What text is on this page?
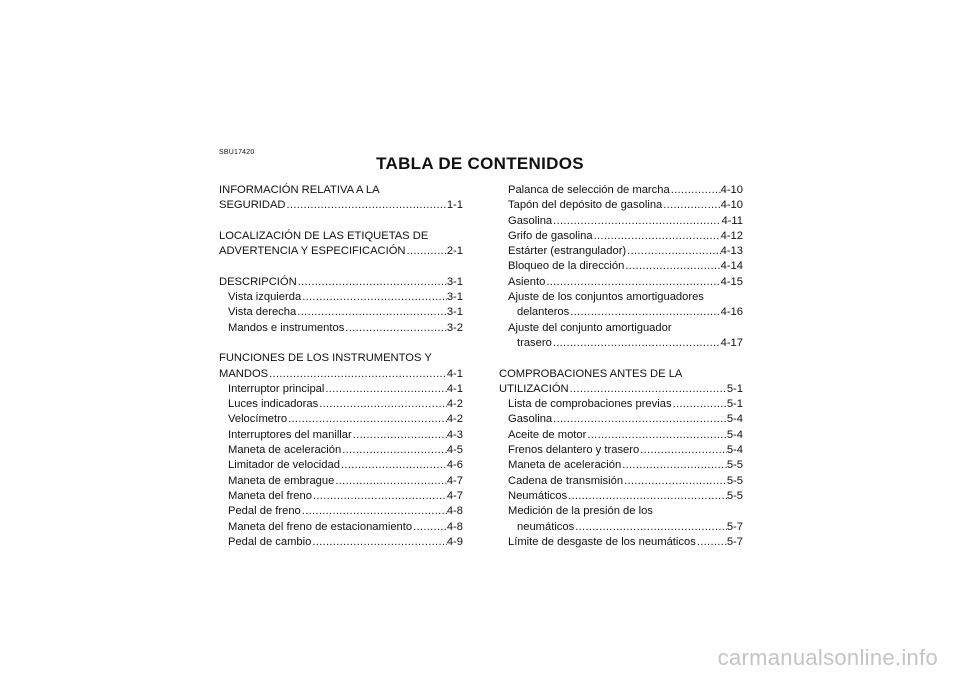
SBU17420
TABLA DE CONTENIDOS
INFORMACIÓN RELATIVA A LA
SEGURIDAD .....	1-1
LOCALIZACIÓN DE LAS ETIQUETAS DE
ADVERTENCIA Y ESPECIFICACIÓN .....	2-1
DESCRIPCIÓN .....	3-1
Vista izquierda .....	3-1
Vista derecha .....	3-1
Mandos e instrumentos .....	3-2
FUNCIONES DE LOS INSTRUMENTOS Y
MANDOS .....	4-1
Interruptor principal .....	4-1
Luces indicadoras .....	4-2
Velocímetro .....	4-2
Interruptores del manillar .....	4-3
Maneta de aceleración .....	4-5
Limitador de velocidad .....	4-6
Maneta de embrague .....	4-7
Maneta del freno .....	4-7
Pedal de freno .....	4-8
Maneta del freno de estacionamiento .....	4-8
Pedal de cambio .....	4-9
Palanca de selección de marcha .....	4-10
Tapón del depósito de gasolina .....	4-10
Gasolina .....	4-11
Grifo de gasolina .....	4-12
Estárter (estrangulador) .....	4-13
Bloqueo de la dirección .....	4-14
Asiento .....	4-15
Ajuste de los conjuntos amortiguadores
delanteros .....	4-16
Ajuste del conjunto amortiguador
trasero .....	4-17
COMPROBACIONES ANTES DE LA
UTILIZACIÓN .....	5-1
Lista de comprobaciones previas .....	5-1
Gasolina .....	5-4
Aceite de motor .....	5-4
Frenos delantero y trasero .....	5-4
Maneta de aceleración .....	5-5
Cadena de transmisión .....	5-5
Neumáticos .....	5-5
Medición de la presión de los
neumáticos .....	5-7
Límite de desgaste de los neumáticos .....	5-7
carmanualsonline.info
